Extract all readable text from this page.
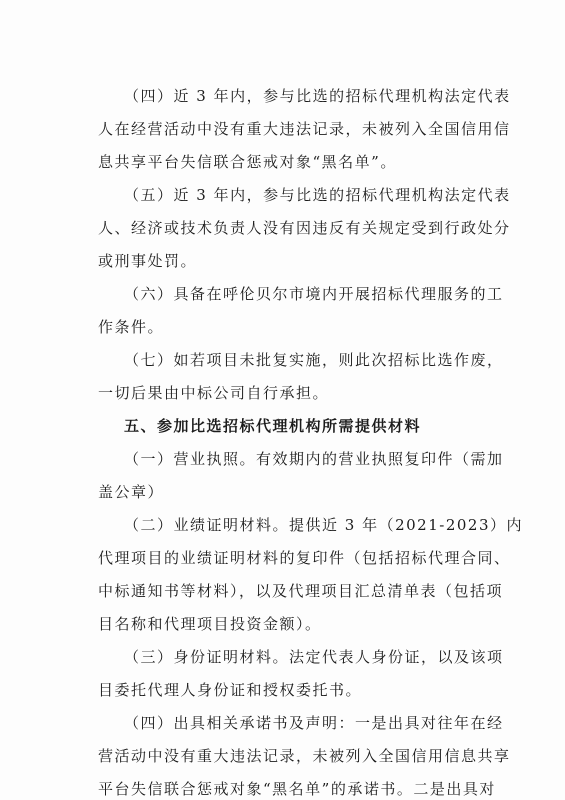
（四）近 3 年内，参与比选的招标代理机构法定代表
人在经营活动中没有重大违法记录，未被列入全国信用信
息共享平台失信联合惩戒对象“黑名单”。
（五）近 3 年内，参与比选的招标代理机构法定代表
人、经济或技术负责人没有因违反有关规定受到行政处分
或刑事处罚。
（六）具备在呼伦贝尔市境内开展招标代理服务的工
作条件。
（七）如若项目未批复实施，则此次招标比选作废，
一切后果由中标公司自行承担。
五、参加比选招标代理机构所需提供材料
（一）营业执照。有效期内的营业执照复印件（需加
盖公章）
（二）业绩证明材料。提供近 3 年（2021-2023）内
代理项目的业绩证明材料的复印件（包括招标代理合同、
中标通知书等材料），以及代理项目汇总清单表（包括项
目名称和代理项目投资金额）。
（三）身份证明材料。法定代表人身份证，以及该项
目委托代理人身份证和授权委托书。
（四）出具相关承诺书及声明：一是出具对往年在经
营活动中没有重大违法记录，未被列入全国信用信息共享
平台失信联合惩戒对象“黑名单”的承诺书。二是出具对
